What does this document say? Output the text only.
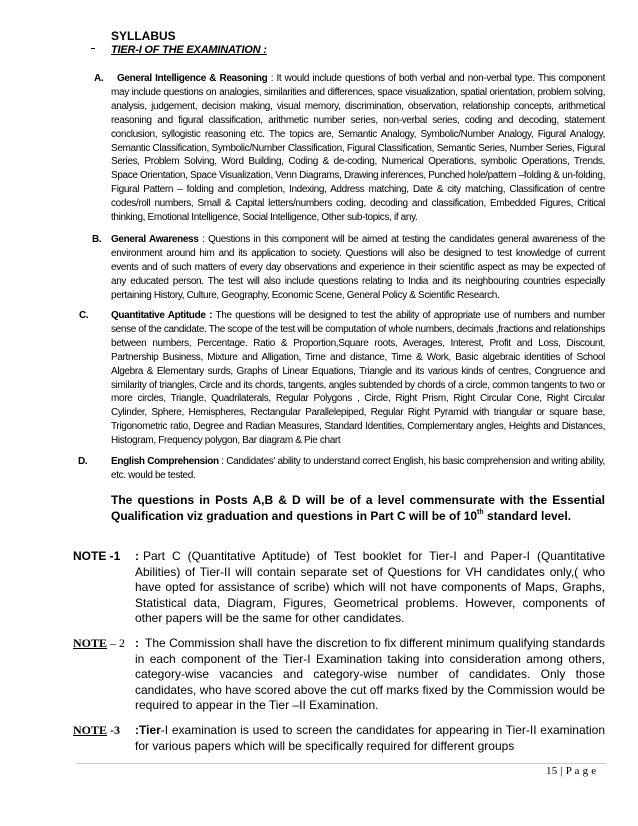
SYLLABUS
TIER-I OF THE EXAMINATION :
A.	General Intelligence & Reasoning : It would include questions of both verbal and non-verbal type. This component may include questions on analogies, similarities and differences, space visualization, spatial orientation, problem solving, analysis, judgement, decision making, visual memory, discrimination, observation, relationship concepts, arithmetical reasoning and figural classification, arithmetic number series, non-verbal series, coding and decoding, statement conclusion, syllogistic reasoning etc. The topics are, Semantic Analogy, Symbolic/Number Analogy, Figural Analogy, Semantic Classification, Symbolic/Number Classification, Figural Classification, Semantic Series, Number Series, Figural Series, Problem Solving, Word Building, Coding & de-coding, Numerical Operations, symbolic Operations, Trends, Space Orientation, Space Visualization, Venn Diagrams, Drawing inferences, Punched hole/pattern –folding & un-folding, Figural Pattern – folding and completion, Indexing, Address matching, Date & city matching, Classification of centre codes/roll numbers, Small & Capital letters/numbers coding, decoding and classification, Embedded Figures, Critical thinking, Emotional Intelligence, Social Intelligence, Other sub-topics, if any.
B. General Awareness : Questions in this component will be aimed at testing the candidates general awareness of the environment around him and its application to society. Questions will also be designed to test knowledge of current events and of such matters of every day observations and experience in their scientific aspect as may be expected of any educated person. The test will also include questions relating to India and its neighbouring countries especially pertaining History, Culture, Geography, Economic Scene, General Policy & Scientific Research.
C. Quantitative Aptitude : The questions will be designed to test the ability of appropriate use of numbers and number sense of the candidate. The scope of the test will be computation of whole numbers, decimals ,fractions and relationships between numbers, Percentage. Ratio & Proportion,Square roots, Averages, Interest, Profit and Loss, Discount, Partnership Business, Mixture and Alligation, Time and distance, Time & Work, Basic algebraic identities of School Algebra & Elementary surds, Graphs of Linear Equations, Triangle and its various kinds of centres, Congruence and similarity of triangles, Circle and its chords, tangents, angles subtended by chords of a circle, common tangents to two or more circles, Triangle, Quadrilaterals, Regular Polygons , Circle, Right Prism, Right Circular Cone, Right Circular Cylinder, Sphere, Hemispheres, Rectangular Parallelepiped, Regular Right Pyramid with triangular or square base, Trigonometric ratio, Degree and Radian Measures, Standard Identities, Complementary angles, Heights and Distances, Histogram, Frequency polygon, Bar diagram & Pie chart
D. English Comprehension : Candidates' ability to understand correct English, his basic comprehension and writing ability, etc. would be tested.
The questions in Posts A,B & D will be of a level commensurate with the Essential Qualification viz graduation and questions in Part C will be of 10th standard level.
NOTE -1 : Part C (Quantitative Aptitude) of Test booklet for Tier-I and Paper-I (Quantitative Abilities) of Tier-II will contain separate set of Questions for VH candidates only,( who have opted for assistance of scribe) which will not have components of Maps, Graphs, Statistical data, Diagram, Figures, Geometrical problems. However, components of other papers will be the same for other candidates.
NOTE – 2 : The Commission shall have the discretion to fix different minimum qualifying standards in each component of the Tier-I Examination taking into consideration among others, category-wise vacancies and category-wise number of candidates. Only those candidates, who have scored above the cut off marks fixed by the Commission would be required to appear in the Tier –II Examination.
NOTE -3 :Tier-I examination is used to screen the candidates for appearing in Tier-II examination for various papers which will be specifically required for different groups
15 | P a g e
